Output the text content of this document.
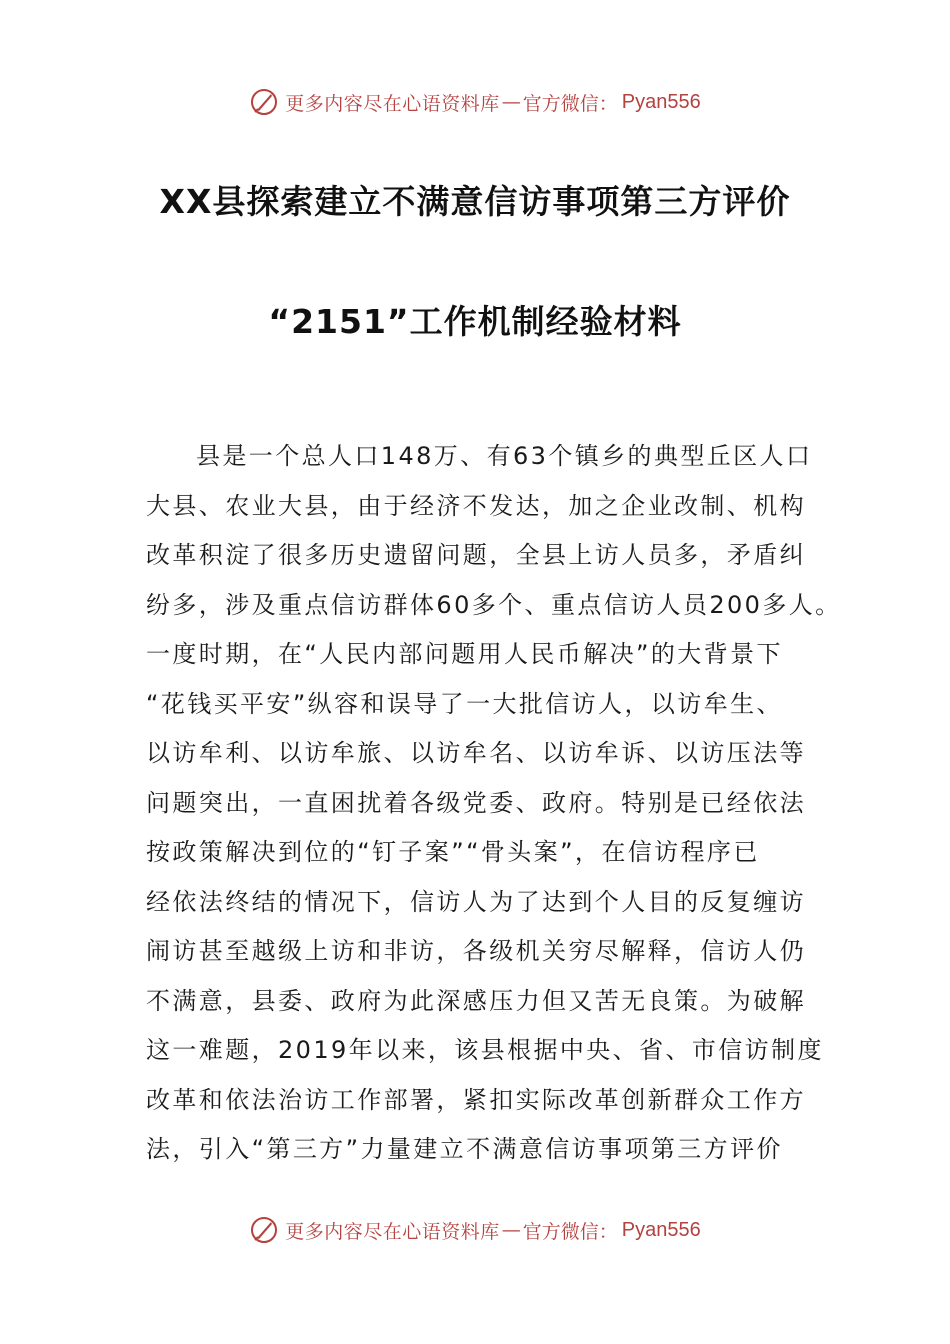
更多内容尽在心语资料库 — 官方微信： Pyan556
XX县探索建立不满意信访事项第三方评价
“2151”工作机制经验材料
县是一个总人口148万、有63个镇乡的典型丘区人口
大县、农业大县，由于经济不发达，加之企业改制、机构
改革积淀了很多历史遗留问题，全县上访人员多，矛盾纠
纷多，涉及重点信访群体60多个、重点信访人员200多人。
一度时期，在“人民内部问题用人民币解决”的大背景下
“花钱买平安”纵容和误导了一大批信访人，以访牟生、
以访牟利、以访牟旅、以访牟名、以访牟诉、以访压法等
问题突出，一直困扰着各级党委、政府。特别是已经依法
按政策解决到位的“钉子案”“骨头案”，在信访程序已
经依法终结的情况下，信访人为了达到个人目的反复缠访
闹访甚至越级上访和非访，各级机关穷尽解释，信访人仍
不满意，县委、政府为此深感压力但又苦无良策。为破解
这一难题，2019年以来，该县根据中央、省、市信访制度
改革和依法治访工作部署，紧扣实际改革创新群众工作方
法，引入“第三方”力量建立不满意信访事项第三方评价
更多内容尽在心语资料库 — 官方微信： Pyan556
